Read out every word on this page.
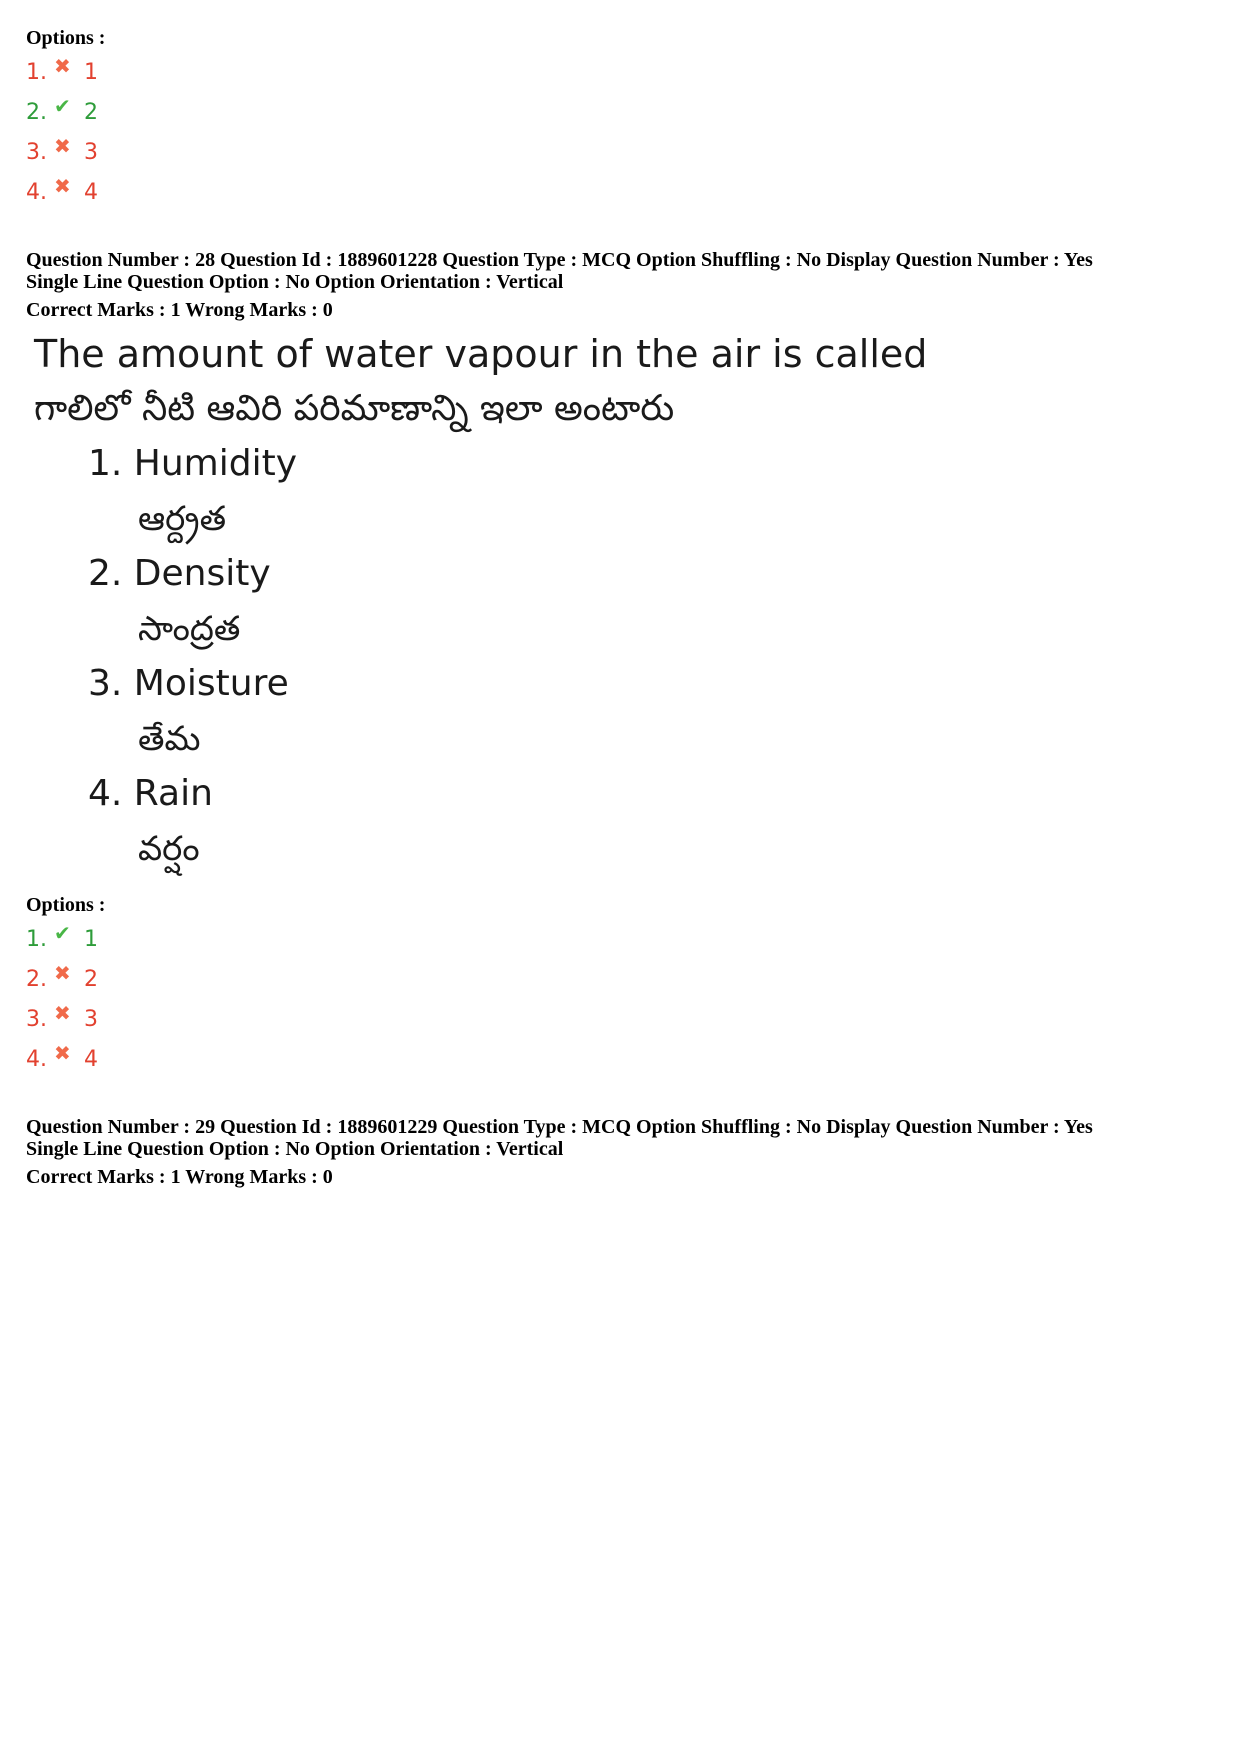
Options :
1. ✖ 1
2. ✔ 2
3. ✖ 3
4. ✖ 4

Question Number : 28 Question Id : 1889601228 Question Type : MCQ Option Shuffling : No Display Question Number : Yes

Single Line Question Option : No Option Orientation : Vertical

Correct Marks : 1 Wrong Marks : 0

The amount of water vapour in the air is called
గాలిలో నీటి ఆవిరి పరిమాణాన్ని ఇలా అంటారు
1. Humidity
ఆర్ద్రత
2. Density
సాంద్రత
3. Moisture
తేమ
4. Rain
వర్షం
Options :
1. ✔ 1
2. ✖ 2
3. ✖ 3
4. ✖ 4

Question Number : 29 Question Id : 1889601229 Question Type : MCQ Option Shuffling : No Display Question Number : Yes

Single Line Question Option : No Option Orientation : Vertical

Correct Marks : 1 Wrong Marks : 0
